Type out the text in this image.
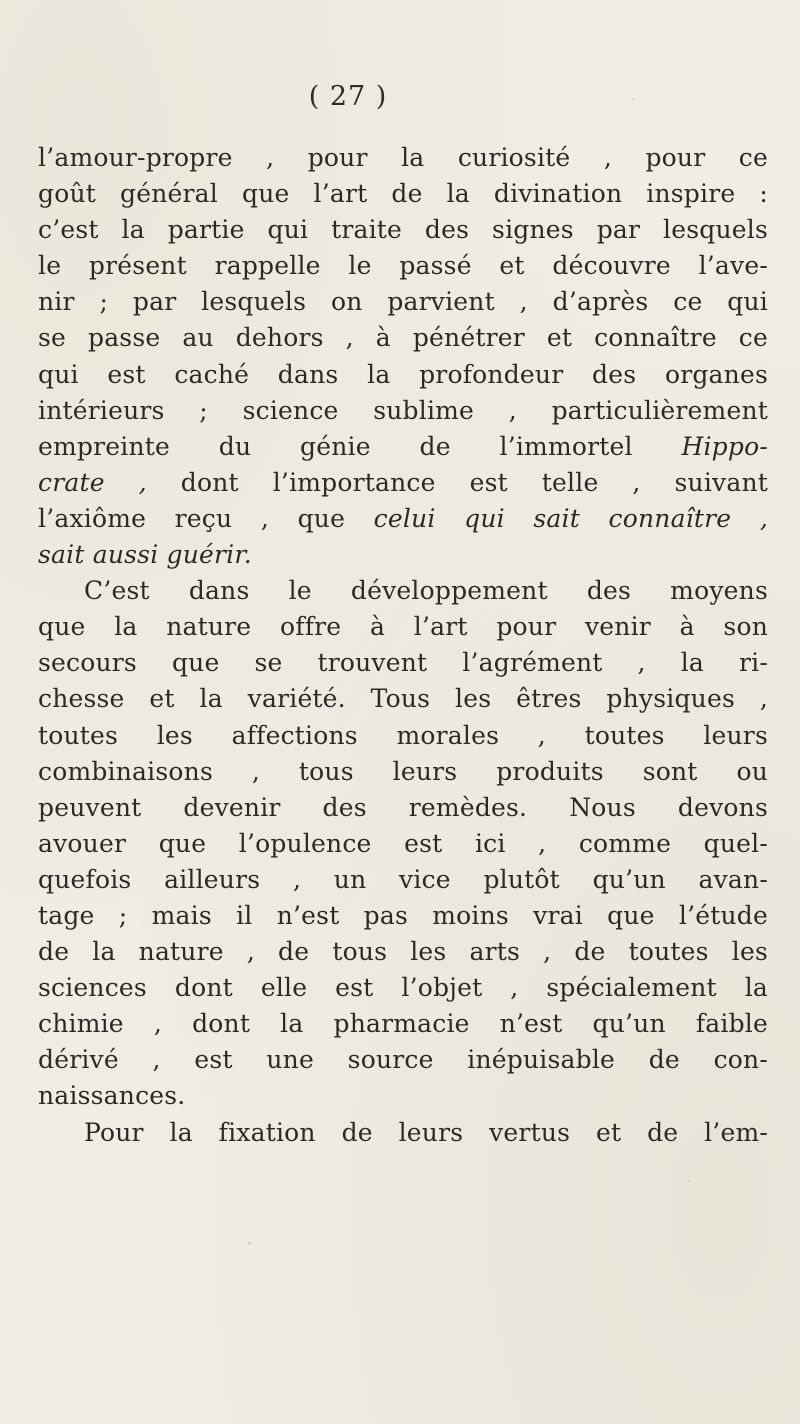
( 27 )
l’amour-propre , pour la curiosité , pour ce
goût général que l’art de la divination inspire :
c’est la partie qui traite des signes par lesquels
le présent rappelle le passé et découvre l’ave-
nir ; par lesquels on parvient , d’après ce qui
se passe au dehors , à pénétrer et connaître ce
qui est caché dans la profondeur des organes
intérieurs ; science sublime , particulièrement
empreinte du génie de l’immortel Hippo-
crate , dont l’importance est telle , suivant
l’axiôme reçu , que celui qui sait connaître ,
sait aussi guérir.
C’est dans le développement des moyens
que la nature offre à l’art pour venir à son
secours que se trouvent l’agrément , la ri-
chesse et la variété. Tous les êtres physiques ,
toutes les affections morales , toutes leurs
combinaisons , tous leurs produits sont ou
peuvent devenir des remèdes. Nous devons
avouer que l’opulence est ici , comme quel-
quefois ailleurs , un vice plutôt qu’un avan-
tage ; mais il n’est pas moins vrai que l’étude
de la nature , de tous les arts , de toutes les
sciences dont elle est l’objet , spécialement la
chimie , dont la pharmacie n’est qu’un faible
dérivé , est une source inépuisable de con-
naissances.
Pour la fixation de leurs vertus et de l’em-
